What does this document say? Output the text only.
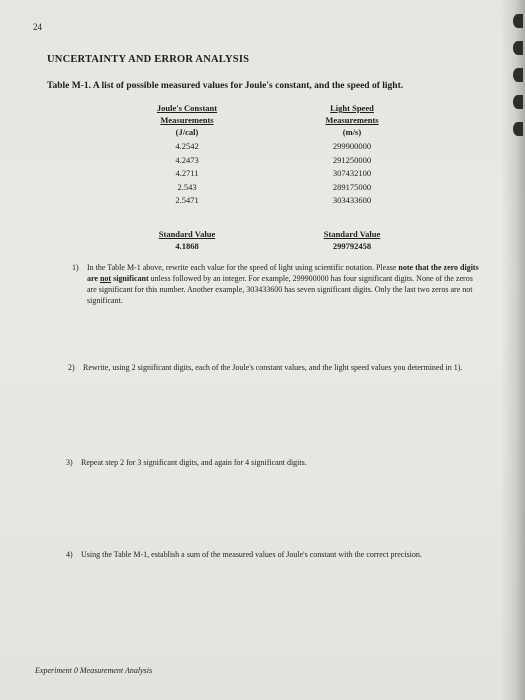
24
UNCERTAINTY AND ERROR ANALYSIS
Table M-1. A list of possible measured values for Joule's constant, and the speed of light.
Joule's Constant
Measurements
(J/cal)
4.2542
4.2473
4.2711
2.543
2.5471
Light Speed
Measurements
(m/s)
299900000
291250000
307432100
289175000
303433600
Standard Value
4.1868
Standard Value
299792458
1) In the Table M-1 above, rewrite each value for the speed of light using scientific notation. Please note that the zero digits are not significant unless followed by an integer. For example, 299900000 has four significant digits. None of the zeros are significant for this number. Another example, 303433600 has seven significant digits. Only the last two zeros are not significant.
2) Rewrite, using 2 significant digits, each of the Joule's constant values, and the light speed values you determined in 1).
3) Repeat step 2 for 3 significant digits, and again for 4 significant digits.
4) Using the Table M-1, establish a sum of the measured values of Joule's constant with the correct precision.
Experiment 0 Measurement Analysis
